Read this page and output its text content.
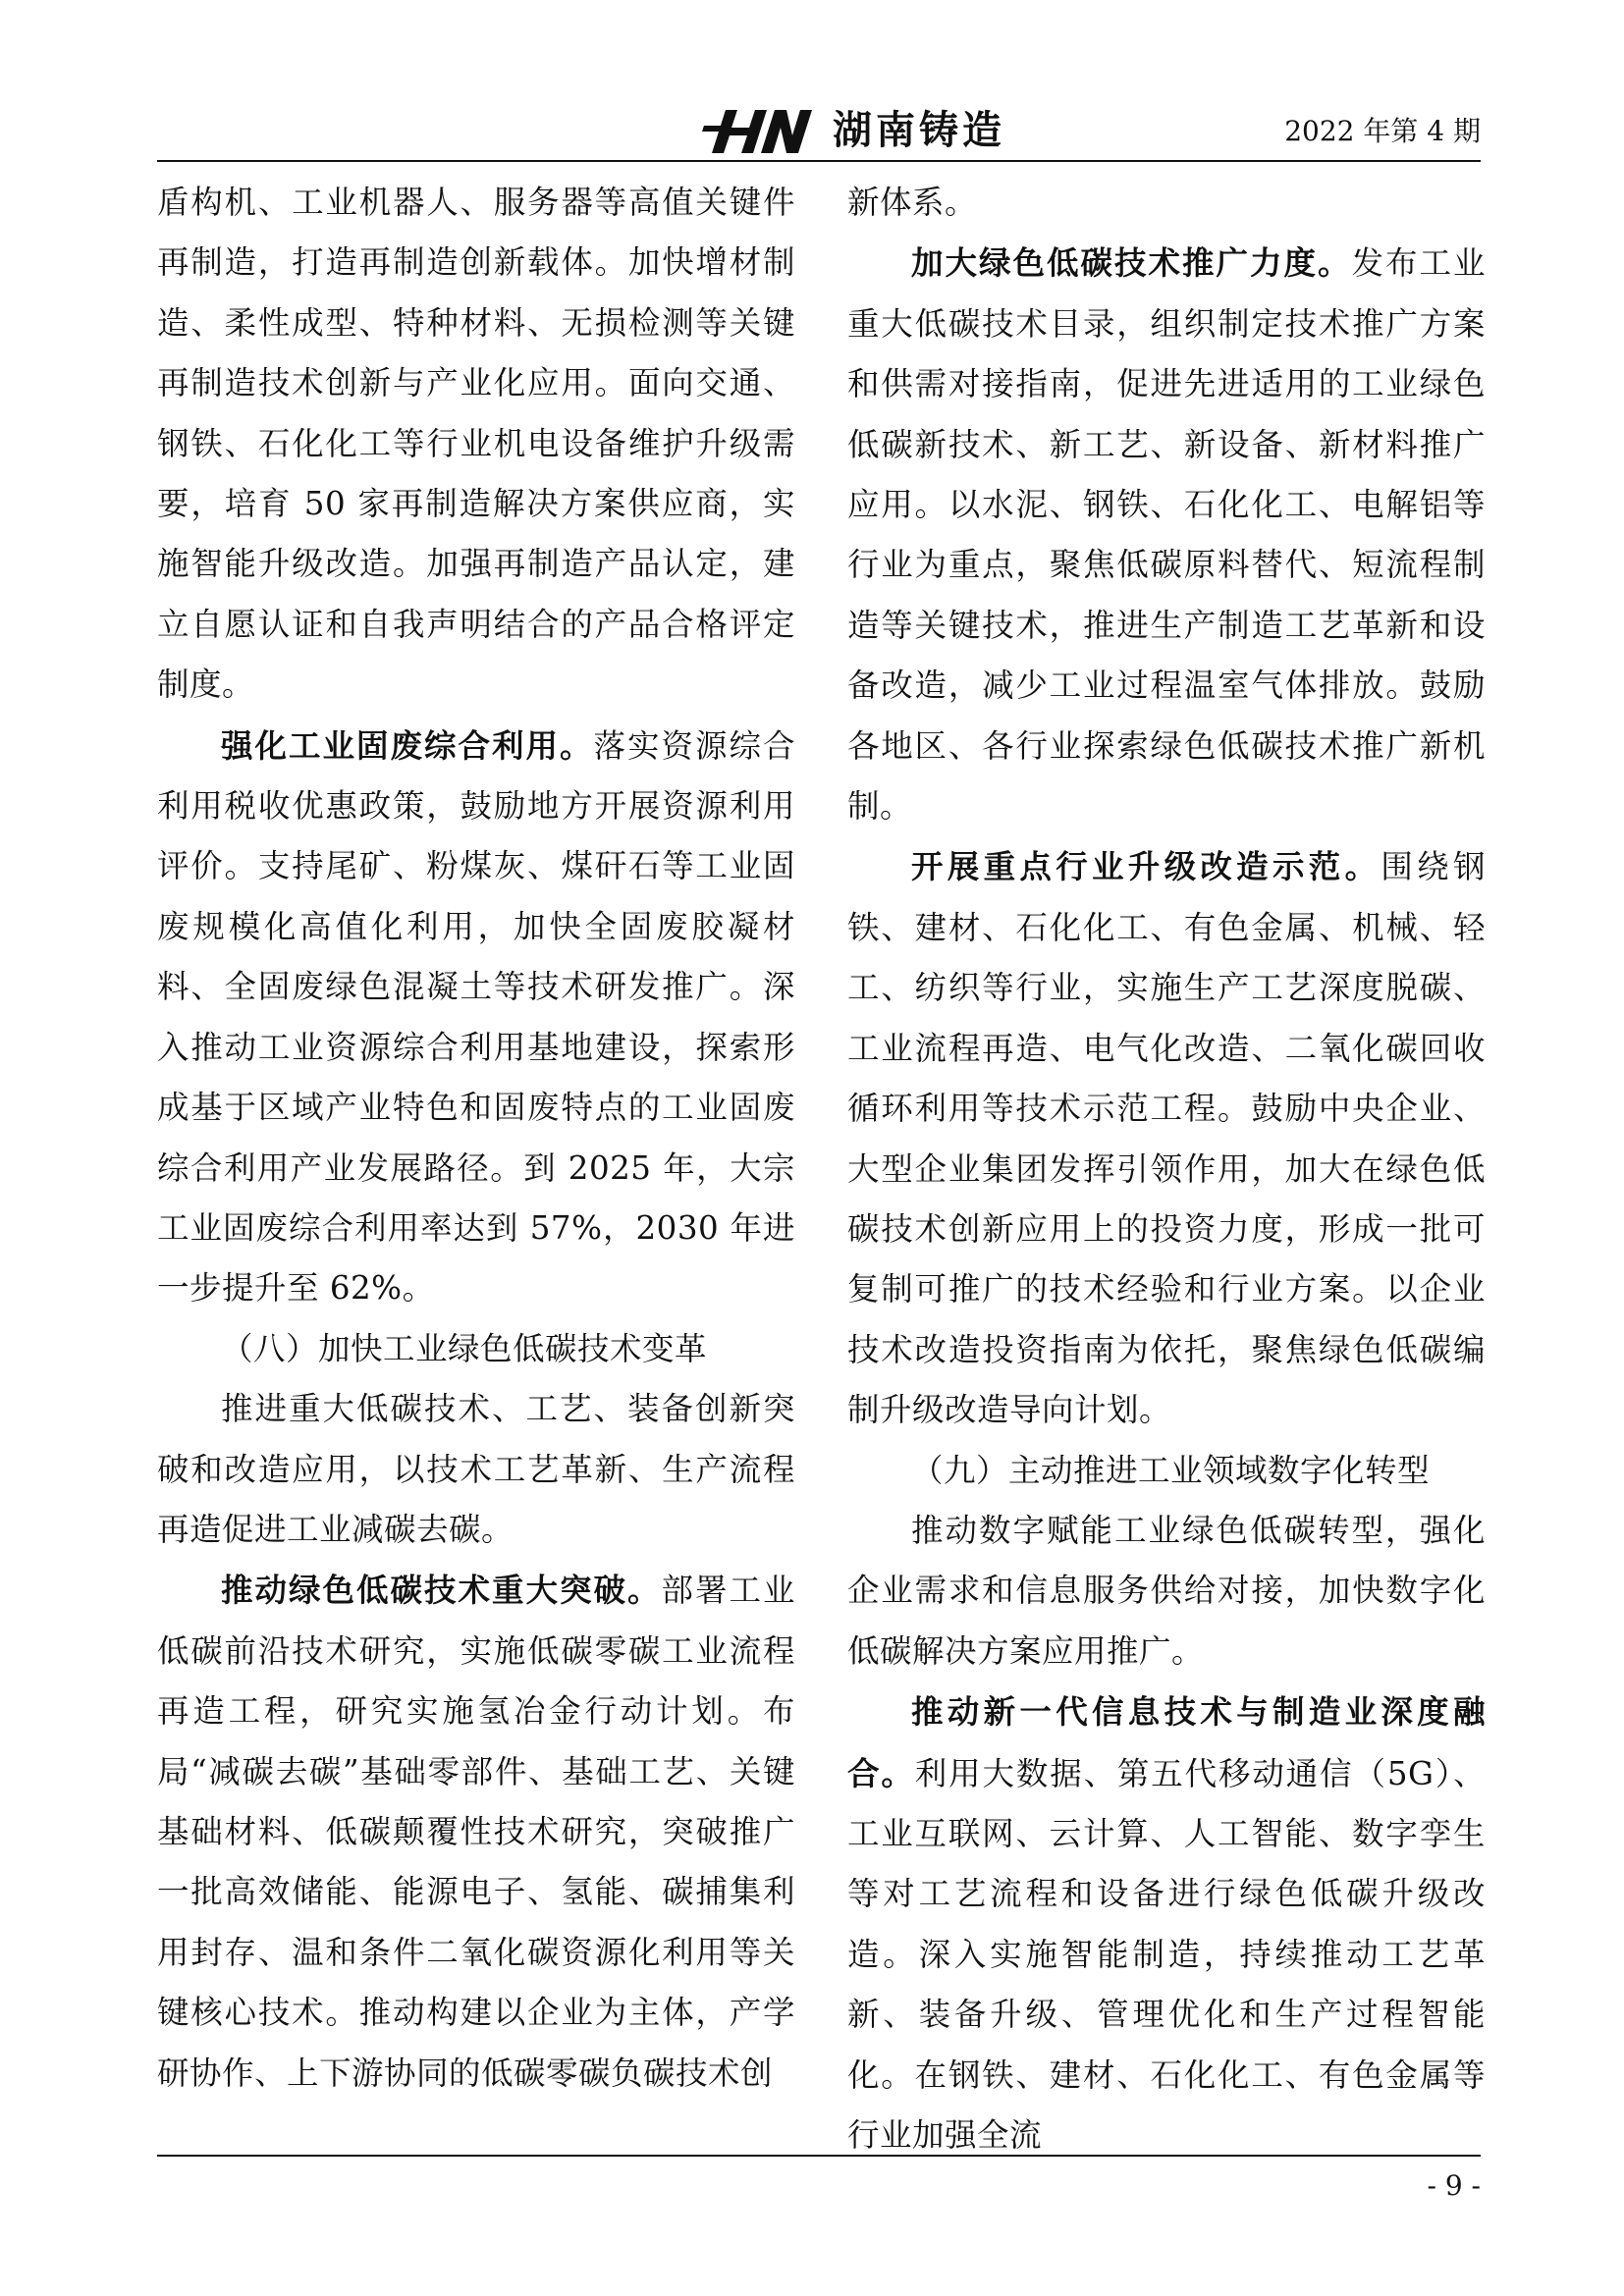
湖南铸造	2022 年第 4 期

盾构机、工业机器人、服务器等高值关键件再制造，打造再制造创新载体。加快增材制造、柔性成型、特种材料、无损检测等关键再制造技术创新与产业化应用。面向交通、钢铁、石化化工等行业机电设备维护升级需要，培育 50 家再制造解决方案供应商，实施智能升级改造。加强再制造产品认定，建立自愿认证和自我声明结合的产品合格评定制度。

强化工业固废综合利用。落实资源综合利用税收优惠政策，鼓励地方开展资源利用评价。支持尾矿、粉煤灰、煤矸石等工业固废规模化高值化利用，加快全固废胶凝材料、全固废绿色混凝土等技术研发推广。深入推动工业资源综合利用基地建设，探索形成基于区域产业特色和固废特点的工业固废综合利用产业发展路径。到 2025 年，大宗工业固废综合利用率达到 57%，2030 年进一步提升至 62%。

（八）加快工业绿色低碳技术变革

推进重大低碳技术、工艺、装备创新突破和改造应用，以技术工艺革新、生产流程再造促进工业减碳去碳。

推动绿色低碳技术重大突破。部署工业低碳前沿技术研究，实施低碳零碳工业流程再造工程，研究实施氢冶金行动计划。布局“减碳去碳”基础零部件、基础工艺、关键基础材料、低碳颠覆性技术研究，突破推广一批高效储能、能源电子、氢能、碳捕集利用封存、温和条件二氧化碳资源化利用等关键核心技术。推动构建以企业为主体，产学研协作、上下游协同的低碳零碳负碳技术创

新体系。

加大绿色低碳技术推广力度。发布工业重大低碳技术目录，组织制定技术推广方案和供需对接指南，促进先进适用的工业绿色低碳新技术、新工艺、新设备、新材料推广应用。以水泥、钢铁、石化化工、电解铝等行业为重点，聚焦低碳原料替代、短流程制造等关键技术，推进生产制造工艺革新和设备改造，减少工业过程温室气体排放。鼓励各地区、各行业探索绿色低碳技术推广新机制。

开展重点行业升级改造示范。围绕钢铁、建材、石化化工、有色金属、机械、轻工、纺织等行业，实施生产工艺深度脱碳、工业流程再造、电气化改造、二氧化碳回收循环利用等技术示范工程。鼓励中央企业、大型企业集团发挥引领作用，加大在绿色低碳技术创新应用上的投资力度，形成一批可复制可推广的技术经验和行业方案。以企业技术改造投资指南为依托，聚焦绿色低碳编制升级改造导向计划。

（九）主动推进工业领域数字化转型

推动数字赋能工业绿色低碳转型，强化企业需求和信息服务供给对接，加快数字化低碳解决方案应用推广。

推动新一代信息技术与制造业深度融合。利用大数据、第五代移动通信（5G）、工业互联网、云计算、人工智能、数字孪生等对工艺流程和设备进行绿色低碳升级改造。深入实施智能制造，持续推动工艺革新、装备升级、管理优化和生产过程智能化。在钢铁、建材、石化化工、有色金属等行业加强全流

- 9 -
